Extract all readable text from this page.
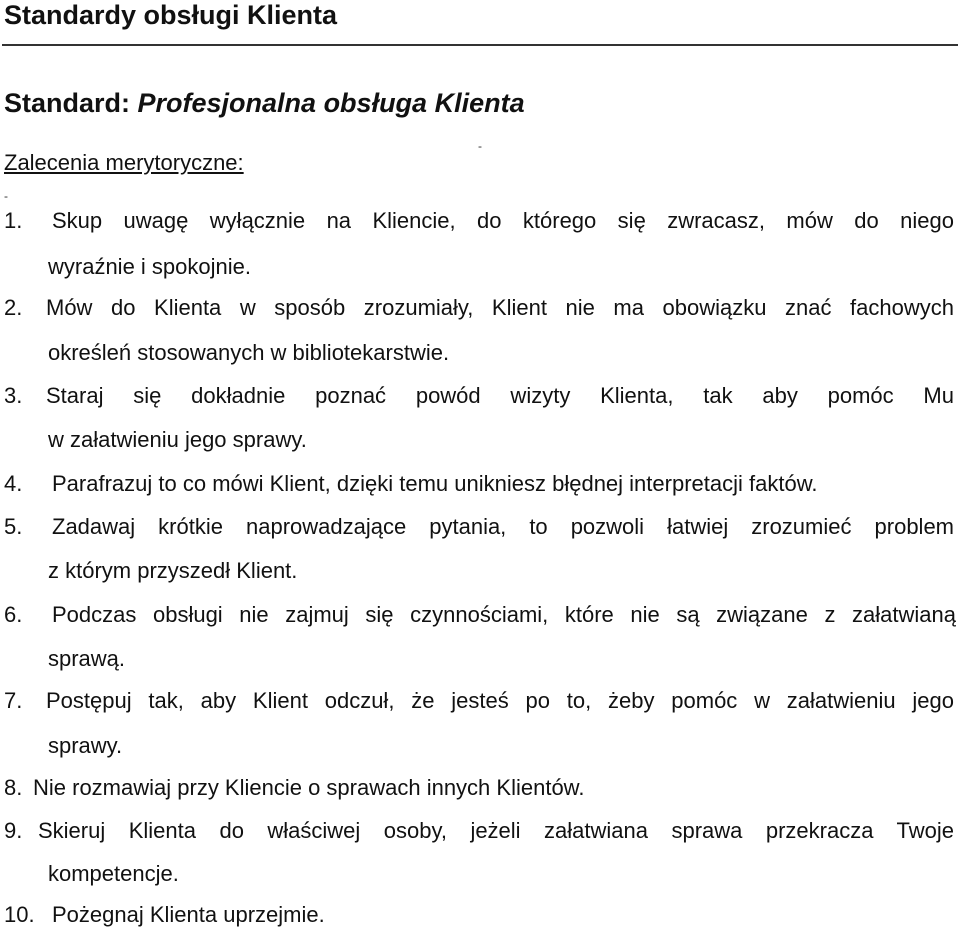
Standardy obsługi Klienta
Standard: Profesjonalna obsługa Klienta
-
Zalecenia merytoryczne:
-
1. Skup uwagę wyłącznie na Kliencie, do którego się zwracasz, mów do niego
wyraźnie i spokojnie.
2. Mów do Klienta w sposób zrozumiały, Klient nie ma obowiązku znać fachowych
określeń stosowanych w bibliotekarstwie.
3. Staraj się dokładnie poznać powód wizyty Klienta, tak aby pomóc Mu
w załatwieniu jego sprawy.
4. Parafrazuj to co mówi Klient, dzięki temu unikniesz błędnej interpretacji faktów.
5. Zadawaj krótkie naprowadzające pytania, to pozwoli łatwiej zrozumieć problem
z którym przyszedł Klient.
6. Podczas obsługi nie zajmuj się czynnościami, które nie są związane z załatwianą
sprawą.
7. Postępuj tak, aby Klient odczuł, że jesteś po to, żeby pomóc w załatwieniu jego
sprawy.
8. Nie rozmawiaj przy Kliencie o sprawach innych Klientów.
9. Skieruj Klienta do właściwej osoby, jeżeli załatwiana sprawa przekracza Twoje
kompetencje.
10. Pożegnaj Klienta uprzejmie.
